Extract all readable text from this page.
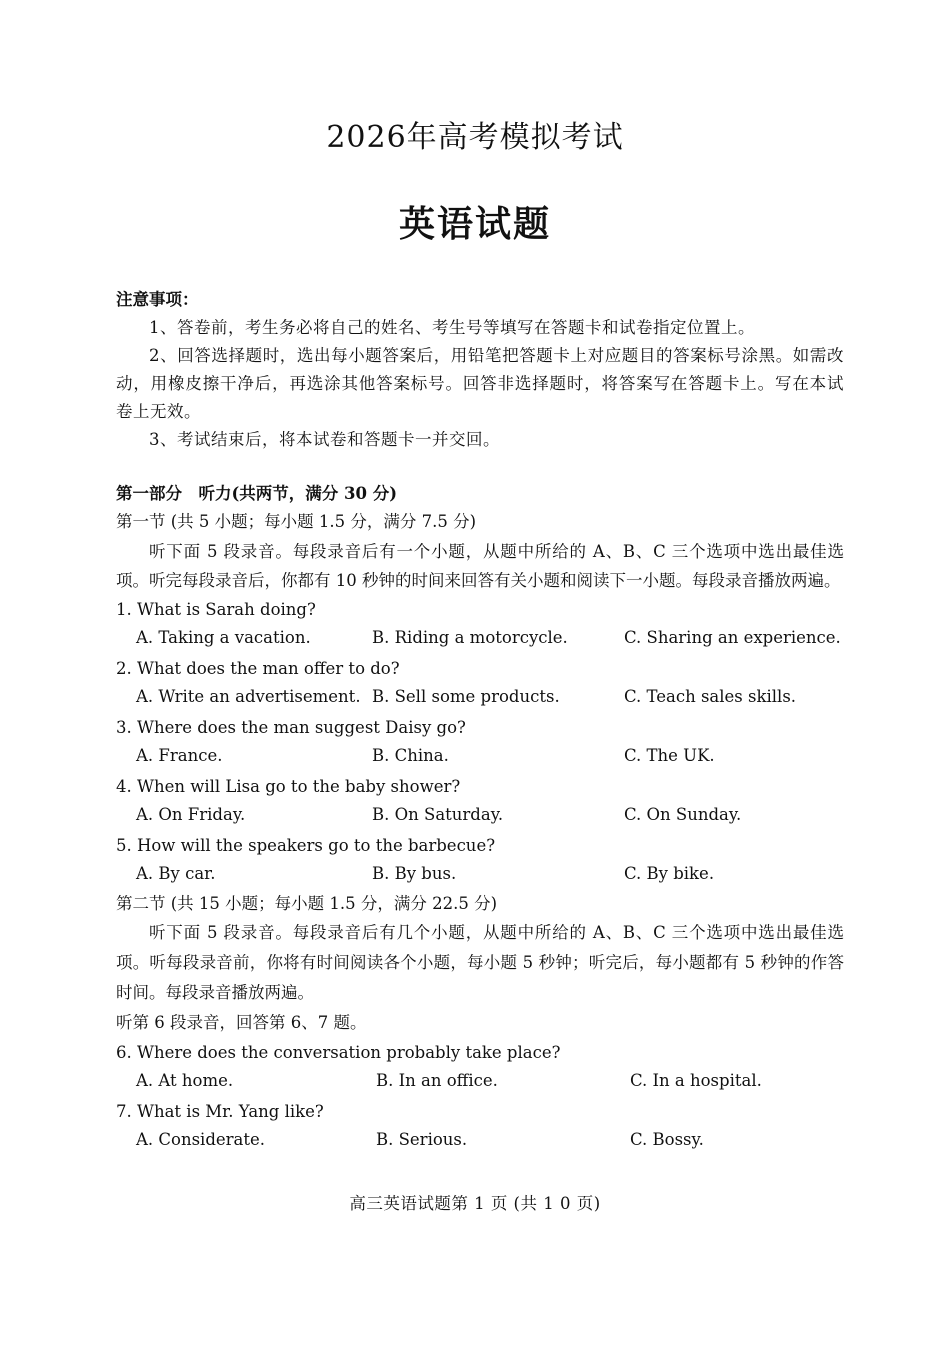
2026年高考模拟考试
英语试题
注意事项：
1、答卷前，考生务必将自己的姓名、考生号等填写在答题卡和试卷指定位置上。
2、回答选择题时，选出每小题答案后，用铅笔把答题卡上对应题目的答案标号涂黑。如需改动，用橡皮擦干净后，再选涂其他答案标号。回答非选择题时，将答案写在答题卡上。写在本试卷上无效。
3、考试结束后，将本试卷和答题卡一并交回。
第一部分　听力(共两节，满分 30 分)
第一节 (共 5 小题；每小题 1.5 分，满分 7.5 分)
听下面 5 段录音。每段录音后有一个小题，从题中所给的 A、B、C 三个选项中选出最佳选项。听完每段录音后，你都有 10 秒钟的时间来回答有关小题和阅读下一小题。每段录音播放两遍。
1. What is Sarah doing?
A. Taking a vacation.	B. Riding a motorcycle.	C. Sharing an experience.
2. What does the man offer to do?
A. Write an advertisement. B. Sell some products.	C. Teach sales skills.
3. Where does the man suggest Daisy go?
A. France.	B. China.	C. The UK.
4. When will Lisa go to the baby shower?
A. On Friday.	B. On Saturday.	C. On Sunday.
5. How will the speakers go to the barbecue?
A. By car.	B. By bus.	C. By bike.
第二节 (共 15 小题；每小题 1.5 分，满分 22.5 分)
听下面 5 段录音。每段录音后有几个小题，从题中所给的 A、B、C 三个选项中选出最佳选项。听每段录音前，你将有时间阅读各个小题，每小题 5 秒钟；听完后，每小题都有 5 秒钟的作答时间。每段录音播放两遍。
听第 6 段录音，回答第 6、7 题。
6. Where does the conversation probably take place?
A. At home.	B. In an office.	C. In a hospital.
7. What is Mr. Yang like?
A. Considerate.	B. Serious.	C. Bossy.
高三英语试题第 1 页 (共 1 0 页)
